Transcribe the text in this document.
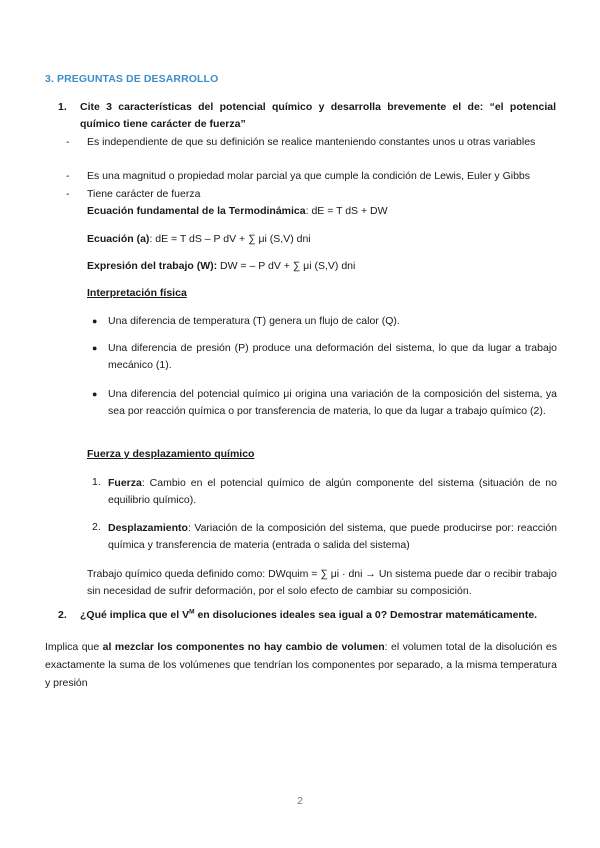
3. PREGUNTAS DE DESARROLLO
1. Cite 3 características del potencial químico y desarrolla brevemente el de: “el potencial químico tiene carácter de fuerza”
- Es independiente de que su definición se realice manteniendo constantes unos u otras variables
- Es una magnitud o propiedad molar parcial ya que cumple la condición de Lewis, Euler y Gibbs
- Tiene carácter de fuerza
Ecuación fundamental de la Termodinámica: dE = T dS + DW
Ecuación (a): dE = T dS – P dV + ∑ μi (S,V) dni
Expresión del trabajo (W): DW = – P dV + ∑ μi (S,V) dni
Interpretación física
● Una diferencia de temperatura (T) genera un flujo de calor (Q).
● Una diferencia de presión (P) produce una deformación del sistema, lo que da lugar a trabajo mecánico (1).
● Una diferencia del potencial químico μi origina una variación de la composición del sistema, ya sea por reacción química o por transferencia de materia, lo que da lugar a trabajo químico (2).
Fuerza y desplazamiento químico
1. Fuerza: Cambio en el potencial químico de algún componente del sistema (situación de no equilibrio químico).
2. Desplazamiento: Variación de la composición del sistema, que puede producirse por: reacción química y transferencia de materia (entrada o salida del sistema)
Trabajo químico queda definido como: DWquim = ∑ μi · dni → Un sistema puede dar o recibir trabajo sin necesidad de sufrir deformación, por el solo efecto de cambiar su composición.
2. ¿Qué implica que el $V^M$ en disoluciones ideales sea igual a 0? Demostrar matemáticamente.
Implica que al mezclar los componentes no hay cambio de volumen: el volumen total de la disolución es exactamente la suma de los volúmenes que tendrían los componentes por separado, a la misma temperatura y presión
2
